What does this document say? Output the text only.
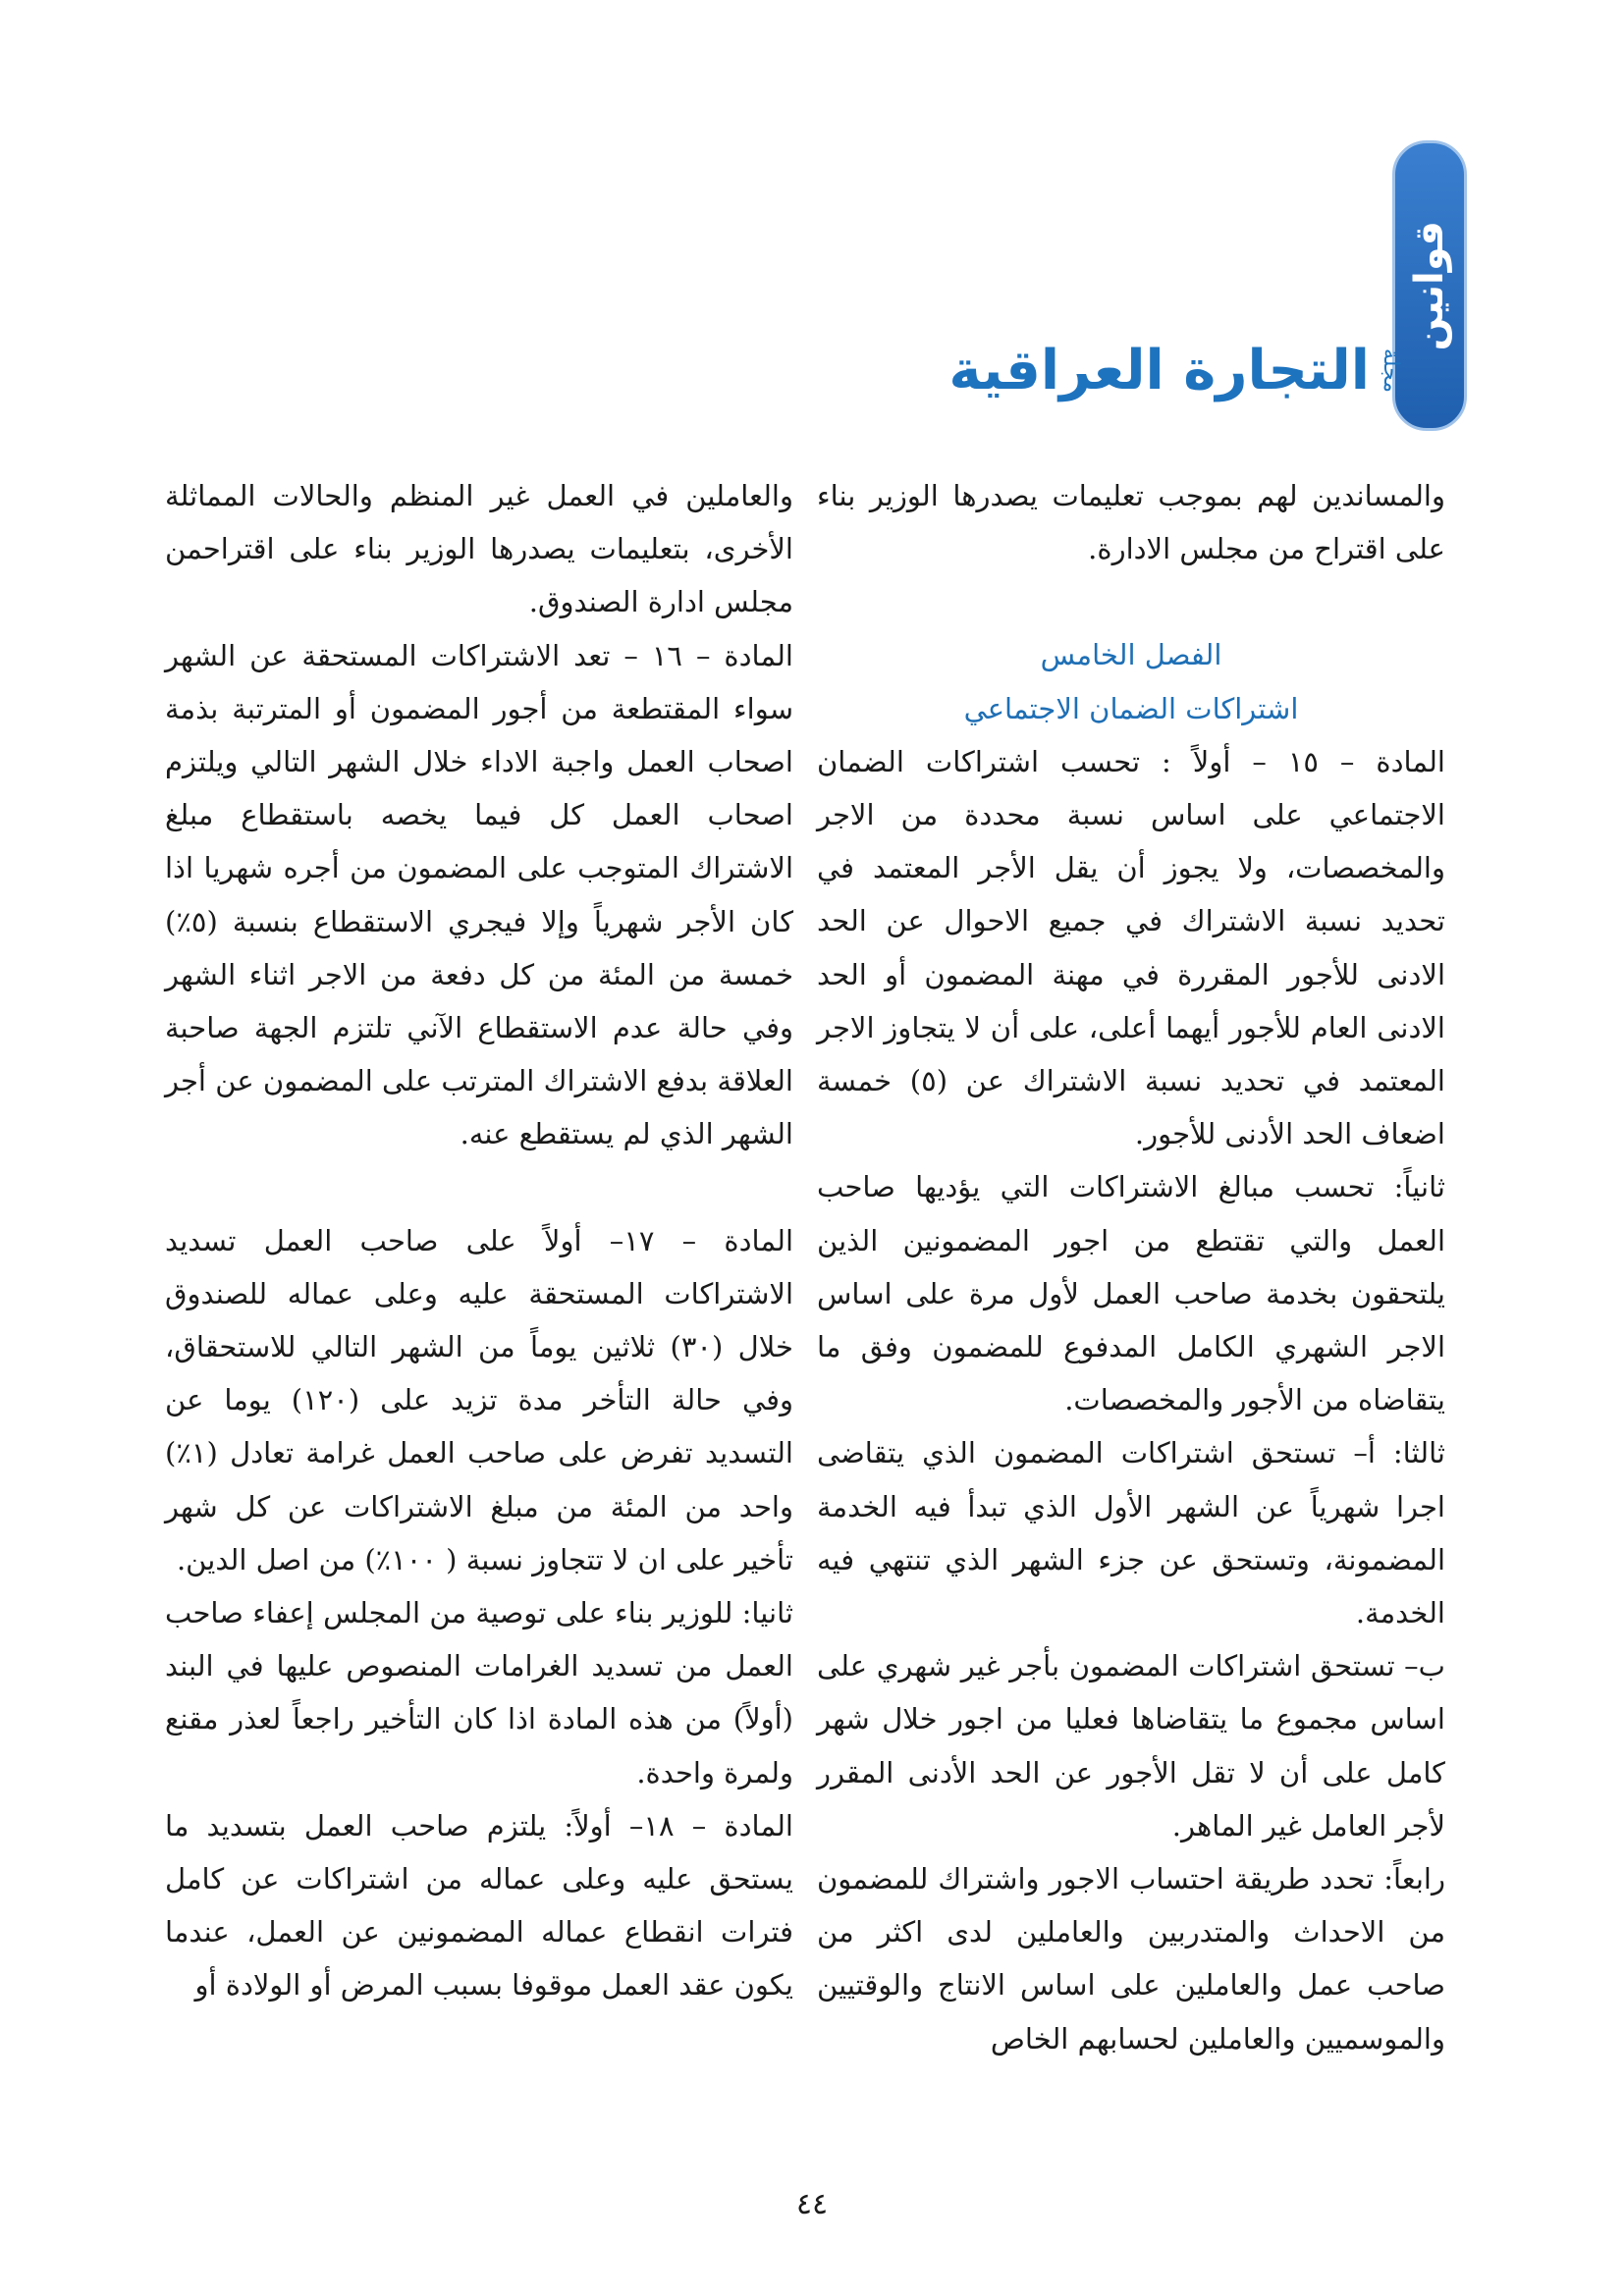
قوانين
مجلة
التجارة العراقية

والمساندين لهم بموجب تعليمات يصدرها الوزير بناء على اقتراح من مجلس الادارة.

الفصل الخامس

اشتراكات الضمان الاجتماعي

المادة – ١٥ – أولاً : تحسب اشتراكات الضمان الاجتماعي على اساس نسبة محددة من الاجر والمخصصات، ولا يجوز أن يقل الأجر المعتمد في تحديد نسبة الاشتراك في جميع الاحوال عن الحد الادنى للأجور المقررة في مهنة المضمون أو الحد الادنى العام للأجور أيهما أعلى، على أن لا يتجاوز الاجر المعتمد في تحديد نسبة الاشتراك عن (٥) خمسة اضعاف الحد الأدنى للأجور.

ثانياً: تحسب مبالغ الاشتراكات التي يؤديها صاحب العمل والتي تقتطع من اجور المضمونين الذين يلتحقون بخدمة صاحب العمل لأول مرة على اساس الاجر الشهري الكامل المدفوع للمضمون وفق ما يتقاضاه من الأجور والمخصصات.

ثالثا: أ– تستحق اشتراكات المضمون الذي يتقاضى اجرا شهرياً عن الشهر الأول الذي تبدأ فيه الخدمة المضمونة، وتستحق عن جزء الشهر الذي تنتهي فيه الخدمة.

ب– تستحق اشتراكات المضمون بأجر غير شهري على اساس مجموع ما يتقاضاها فعليا من اجور خلال شهر كامل على أن لا تقل الأجور عن الحد الأدنى المقرر لأجر العامل غير الماهر.

رابعاً: تحدد طريقة احتساب الاجور واشتراك للمضمون من الاحداث والمتدربين والعاملين لدى اكثر من صاحب عمل والعاملين على اساس الانتاج والوقتيين والموسميين والعاملين لحسابهم الخاص

والعاملين في العمل غير المنظم والحالات المماثلة الأخرى، بتعليمات يصدرها الوزير بناء على اقتراحمن مجلس ادارة الصندوق.

المادة – ١٦ – تعد الاشتراكات المستحقة عن الشهر سواء المقتطعة من أجور المضمون أو المترتبة بذمة اصحاب العمل واجبة الاداء خلال الشهر التالي ويلتزم اصحاب العمل كل فيما يخصه باستقطاع مبلغ الاشتراك المتوجب على المضمون من أجره شهريا اذا كان الأجر شهرياً وإلا فيجري الاستقطاع بنسبة (٥٪) خمسة من المئة من كل دفعة من الاجر اثناء الشهر وفي حالة عدم الاستقطاع الآني تلتزم الجهة صاحبة العلاقة بدفع الاشتراك المترتب على المضمون عن أجر الشهر الذي لم يستقطع عنه.

المادة – ١٧– أولاً على صاحب العمل تسديد الاشتراكات المستحقة عليه وعلى عماله للصندوق خلال (٣٠) ثلاثين يوماً من الشهر التالي للاستحقاق، وفي حالة التأخر مدة تزيد على (١٢٠) يوما عن التسديد تفرض على صاحب العمل غرامة تعادل (١٪) واحد من المئة من مبلغ الاشتراكات عن كل شهر تأخير على ان لا تتجاوز نسبة ( ١٠٠٪) من اصل الدين.

ثانيا: للوزير بناء على توصية من المجلس إعفاء صاحب العمل من تسديد الغرامات المنصوص عليها في البند (أولاً) من هذه المادة اذا كان التأخير راجعاً لعذر مقنع ولمرة واحدة.

المادة – ١٨– أولاً: يلتزم صاحب العمل بتسديد ما يستحق عليه وعلى عماله من اشتراكات عن كامل فترات انقطاع عماله المضمونين عن العمل، عندما يكون عقد العمل موقوفا بسبب المرض أو الولادة أو

٤٤
